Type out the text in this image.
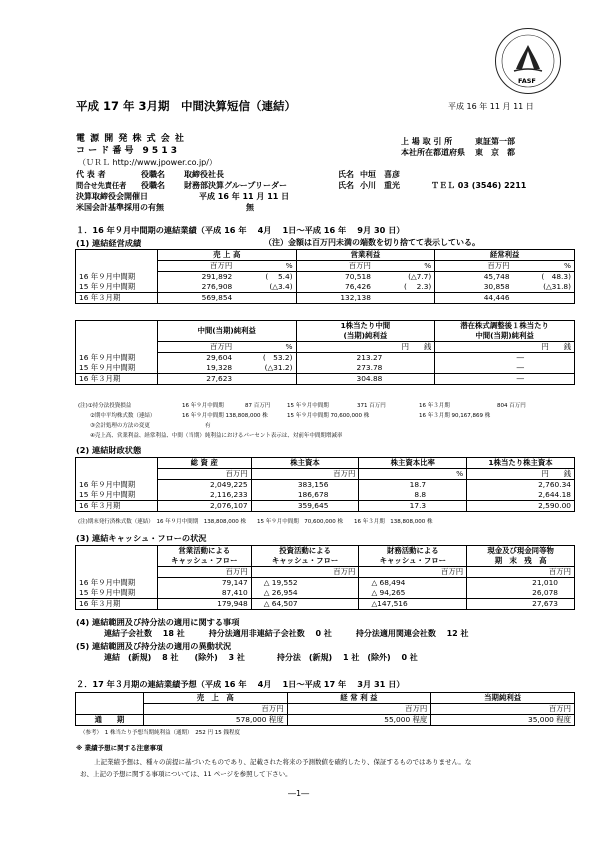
FASF
平成 17 年 3月期　中間決算短信（連結）	平成 16 年 11 月 11 日
電 源 開 発 株 式 会 社
コ ー ド 番 号　9 5 1 3
（ＵＲＬ http://www.jpower.co.jp/）
上 場 取 引 所	東証第一部
本社所在都道府県 東　京　都
代 表 者	役職名 取締役社長	氏名 中垣　喜彦
問合せ先責任者 役職名 財務部決算グループリーダー	氏名 小川　重光	ＴＥＬ 03 (3546) 2211
決算取締役会開催日	平成 16 年 11 月 11 日
米国会計基準採用の有無	無
１．16 年９月中間期の連結業績（平成 16 年　 4月　 1日～平成 16 年　 9月 30 日）
(1) 連結経営成績	（注）金額は百万円未満の端数を切り捨てて表示している。
	売 上 高		営業利益		経常利益	
	百万円	%	百万円	%	百万円	%
16 年９月中間期	291,892	(　 5.4)	70,518	(△7.7)	45,748	(　48.3)
15 年９月中間期	276,908	(△3.4)	76,426	(　 2.3)	30,858	(△31.8)
16 年３月期	569,854		132,138		44,446	
	中間(当期)純利益		1株当たり中間	潜在株式調整後１株当たり
			(当期)純利益	中間(当期)純利益
	百万円	%	円　　銭	円　　銭
16 年９月中間期	29,604	(　53.2)	213.27	―
15 年９月中間期	19,328	(△31.2)	273.78	―
16 年３月期	27,623		304.88	―
(注)①持分法投資損益	16 年９月中間期	87 百万円	15 年９月中間期	371 百万円	16 年３月期	804 百万円
②期中平均株式数（連結）	16 年９月中間期 138,808,000 株	15 年９月中間期 70,600,000 株	16 年３月期 90,167,869 株
③会計処理の方法の変更	有
④売上高、営業利益、経常利益、中間（当期）純利益におけるパーセント表示は、対前年中間期増減率
(2) 連結財政状態
	総 資 産	株主資本	株主資本比率	1株当たり株主資本
	百万円	百万円	%	円　　銭
16 年９月中間期	2,049,225	383,156	18.7	2,760.34
15 年９月中間期	2,116,233	186,678	8.8	2,644.18
16 年３月期	2,076,107	359,645	17.3	2,590.00
(注)期末発行済株式数（連結）　16 年９月中間期　138,808,000 株　　15 年９月中間期　70,600,000 株　　16 年３月期　138,808,000 株
(3) 連結キャッシュ・フローの状況
	営業活動による	投資活動による	財務活動による	現金及び現金同等物
	キャッシュ・フロー	キャッシュ・フロー	キャッシュ・フロー	期　末　残　高
	百万円	百万円	百万円	百万円
16 年９月中間期	79,147	△ 19,552	△ 68,494	21,010
15 年９月中間期	87,410	△ 26,954	△ 94,265	26,078
16 年３月期	179,948	△ 64,507	△147,516	27,673
(4) 連結範囲及び持分法の適用に関する事項
連結子会社数　 18 社　　　持分法適用非連結子会社数　 0 社　　　持分法適用関連会社数　 12 社
(5) 連結範囲及び持分法の適用の異動状況
連結　(新規)　 8 社　　(除外)　 3 社　　　　持分法　(新規)　 1 社　(除外)　 0 社
２．17 年３月期の連結業績予想（平成 16 年　 4月　 1日～平成 17 年　 3月 31 日）
	売　上　高	経 常 利 益	当期純利益
	百万円	百万円	百万円
通　　期	578,000 程度	55,000 程度	35,000 程度
（参考）　1 株当たり予想当期純利益（通期）　252 円 15 銭程度
※ 業績予想に関する注意事項
上記業績予想は、種々の前提に基づいたものであり、記載された将来の予測数値を確約したり、保証するものではありません。な
お、上記の予想に関する事項については、11 ページを参照して下さい。
―1―
